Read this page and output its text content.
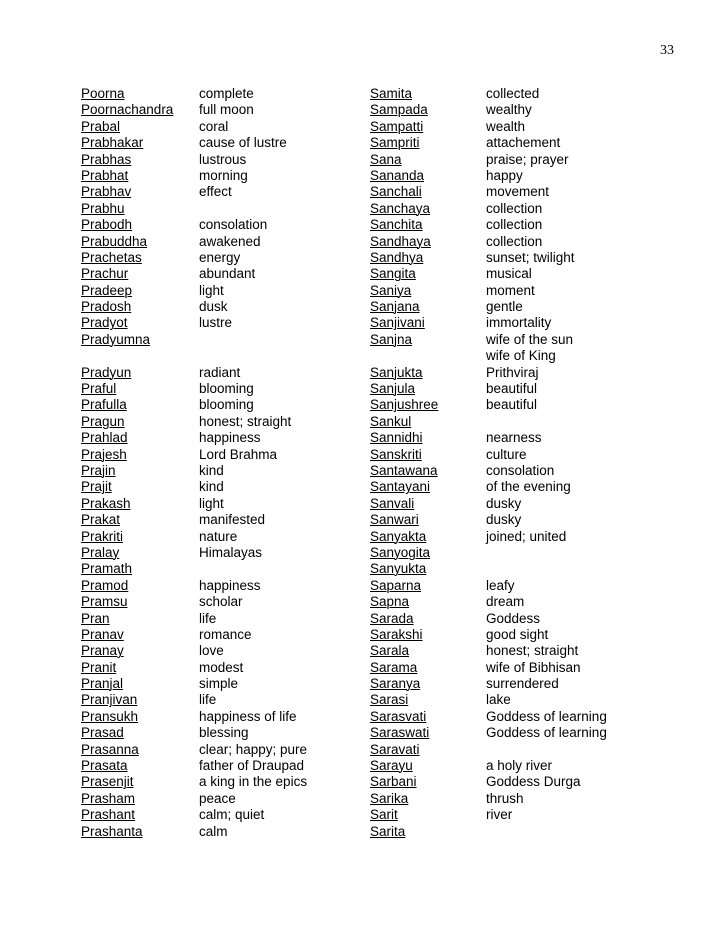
33
Poorna
Poornachandra
Prabal
Prabhakar
Prabhas
Prabhat
Prabhav
Prabhu
Prabodh
Prabuddha
Prachetas
Prachur
Pradeep
Pradosh
Pradyot
Pradyumna
Pradyun
Praful
Prafulla
Pragun
Prahlad
Prajesh
Prajin
Prajit
Prakash
Prakat
Prakriti
Pralay
Pramath
Pramod
Pramsu
Pran
Pranav
Pranay
Pranit
Pranjal
Pranjivan
Pransukh
Prasad
Prasanna
Prasata
Prasenjit
Prasham
Prashant
Prashanta
complete
full moon
coral
cause of lustre
lustrous
morning
effect
consolation
awakened
energy
abundant
light
dusk
lustre
radiant
blooming
blooming
honest; straight
happiness
Lord Brahma
kind
kind
light
manifested
nature
Himalayas
happiness
scholar
life
romance
love
modest
simple
life
happiness of life
blessing
clear; happy; pure
father of Draupad
a king in the epics
peace
calm; quiet
calm
Samita
Sampada
Sampatti
Sampriti
Sana
Sananda
Sanchali
Sanchaya
Sanchita
Sandhaya
Sandhya
Sangita
Saniya
Sanjana
Sanjivani
Sanjna
Sanjukta
Sanjula
Sanjushree
Sankul
Sannidhi
Sanskriti
Santawana
Santayani
Sanvali
Sanwari
Sanyakta
Sanyogita
Sanyukta
Saparna
Sapna
Sarada
Sarakshi
Sarala
Sarama
Saranya
Sarasi
Sarasvati
Saraswati
Saravati
Sarayu
Sarbani
Sarika
Sarit
Sarita
collected
wealthy
wealth
attachement
praise; prayer
happy
movement
collection
collection
collection
sunset; twilight
musical
moment
gentle
immortality
wife of the sun
wife of King
Prithviraj
beautiful
beautiful
nearness
culture
consolation
of the evening
dusky
dusky
joined; united
leafy
dream
Goddess
good sight
honest; straight
wife of Bibhisan
surrendered
lake
Goddess of learning
Goddess of learning
a holy river
Goddess Durga
thrush
river
